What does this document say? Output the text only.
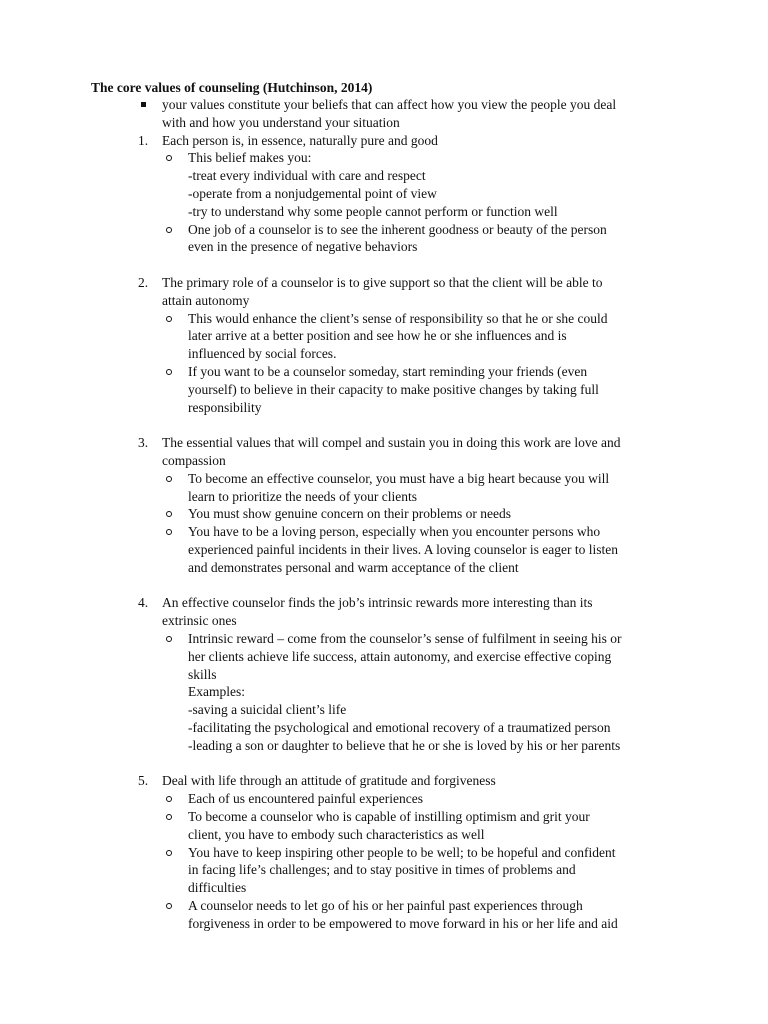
The core values of counseling (Hutchinson, 2014)
your values constitute your beliefs that can affect how you view the people you deal
with and how you understand your situation
1. Each person is, in essence, naturally pure and good
This belief makes you:
-treat every individual with care and respect
-operate from a nonjudgemental point of view
-try to understand why some people cannot perform or function well
One job of a counselor is to see the inherent goodness or beauty of the person
even in the presence of negative behaviors
2. The primary role of a counselor is to give support so that the client will be able to
attain autonomy
This would enhance the client’s sense of responsibility so that he or she could
later arrive at a better position and see how he or she influences and is
influenced by social forces.
If you want to be a counselor someday, start reminding your friends (even
yourself) to believe in their capacity to make positive changes by taking full
responsibility
3. The essential values that will compel and sustain you in doing this work are love and
compassion
To become an effective counselor, you must have a big heart because you will
learn to prioritize the needs of your clients
You must show genuine concern on their problems or needs
You have to be a loving person, especially when you encounter persons who
experienced painful incidents in their lives. A loving counselor is eager to listen
and demonstrates personal and warm acceptance of the client
4. An effective counselor finds the job’s intrinsic rewards more interesting than its
extrinsic ones
Intrinsic reward – come from the counselor’s sense of fulfilment in seeing his or
her clients achieve life success, attain autonomy, and exercise effective coping
skills
Examples:
-saving a suicidal client’s life
-facilitating the psychological and emotional recovery of a traumatized person
-leading a son or daughter to believe that he or she is loved by his or her parents
5. Deal with life through an attitude of gratitude and forgiveness
Each of us encountered painful experiences
To become a counselor who is capable of instilling optimism and grit your
client, you have to embody such characteristics as well
You have to keep inspiring other people to be well; to be hopeful and confident
in facing life’s challenges; and to stay positive in times of problems and
difficulties
A counselor needs to let go of his or her painful past experiences through
forgiveness in order to be empowered to move forward in his or her life and aid
